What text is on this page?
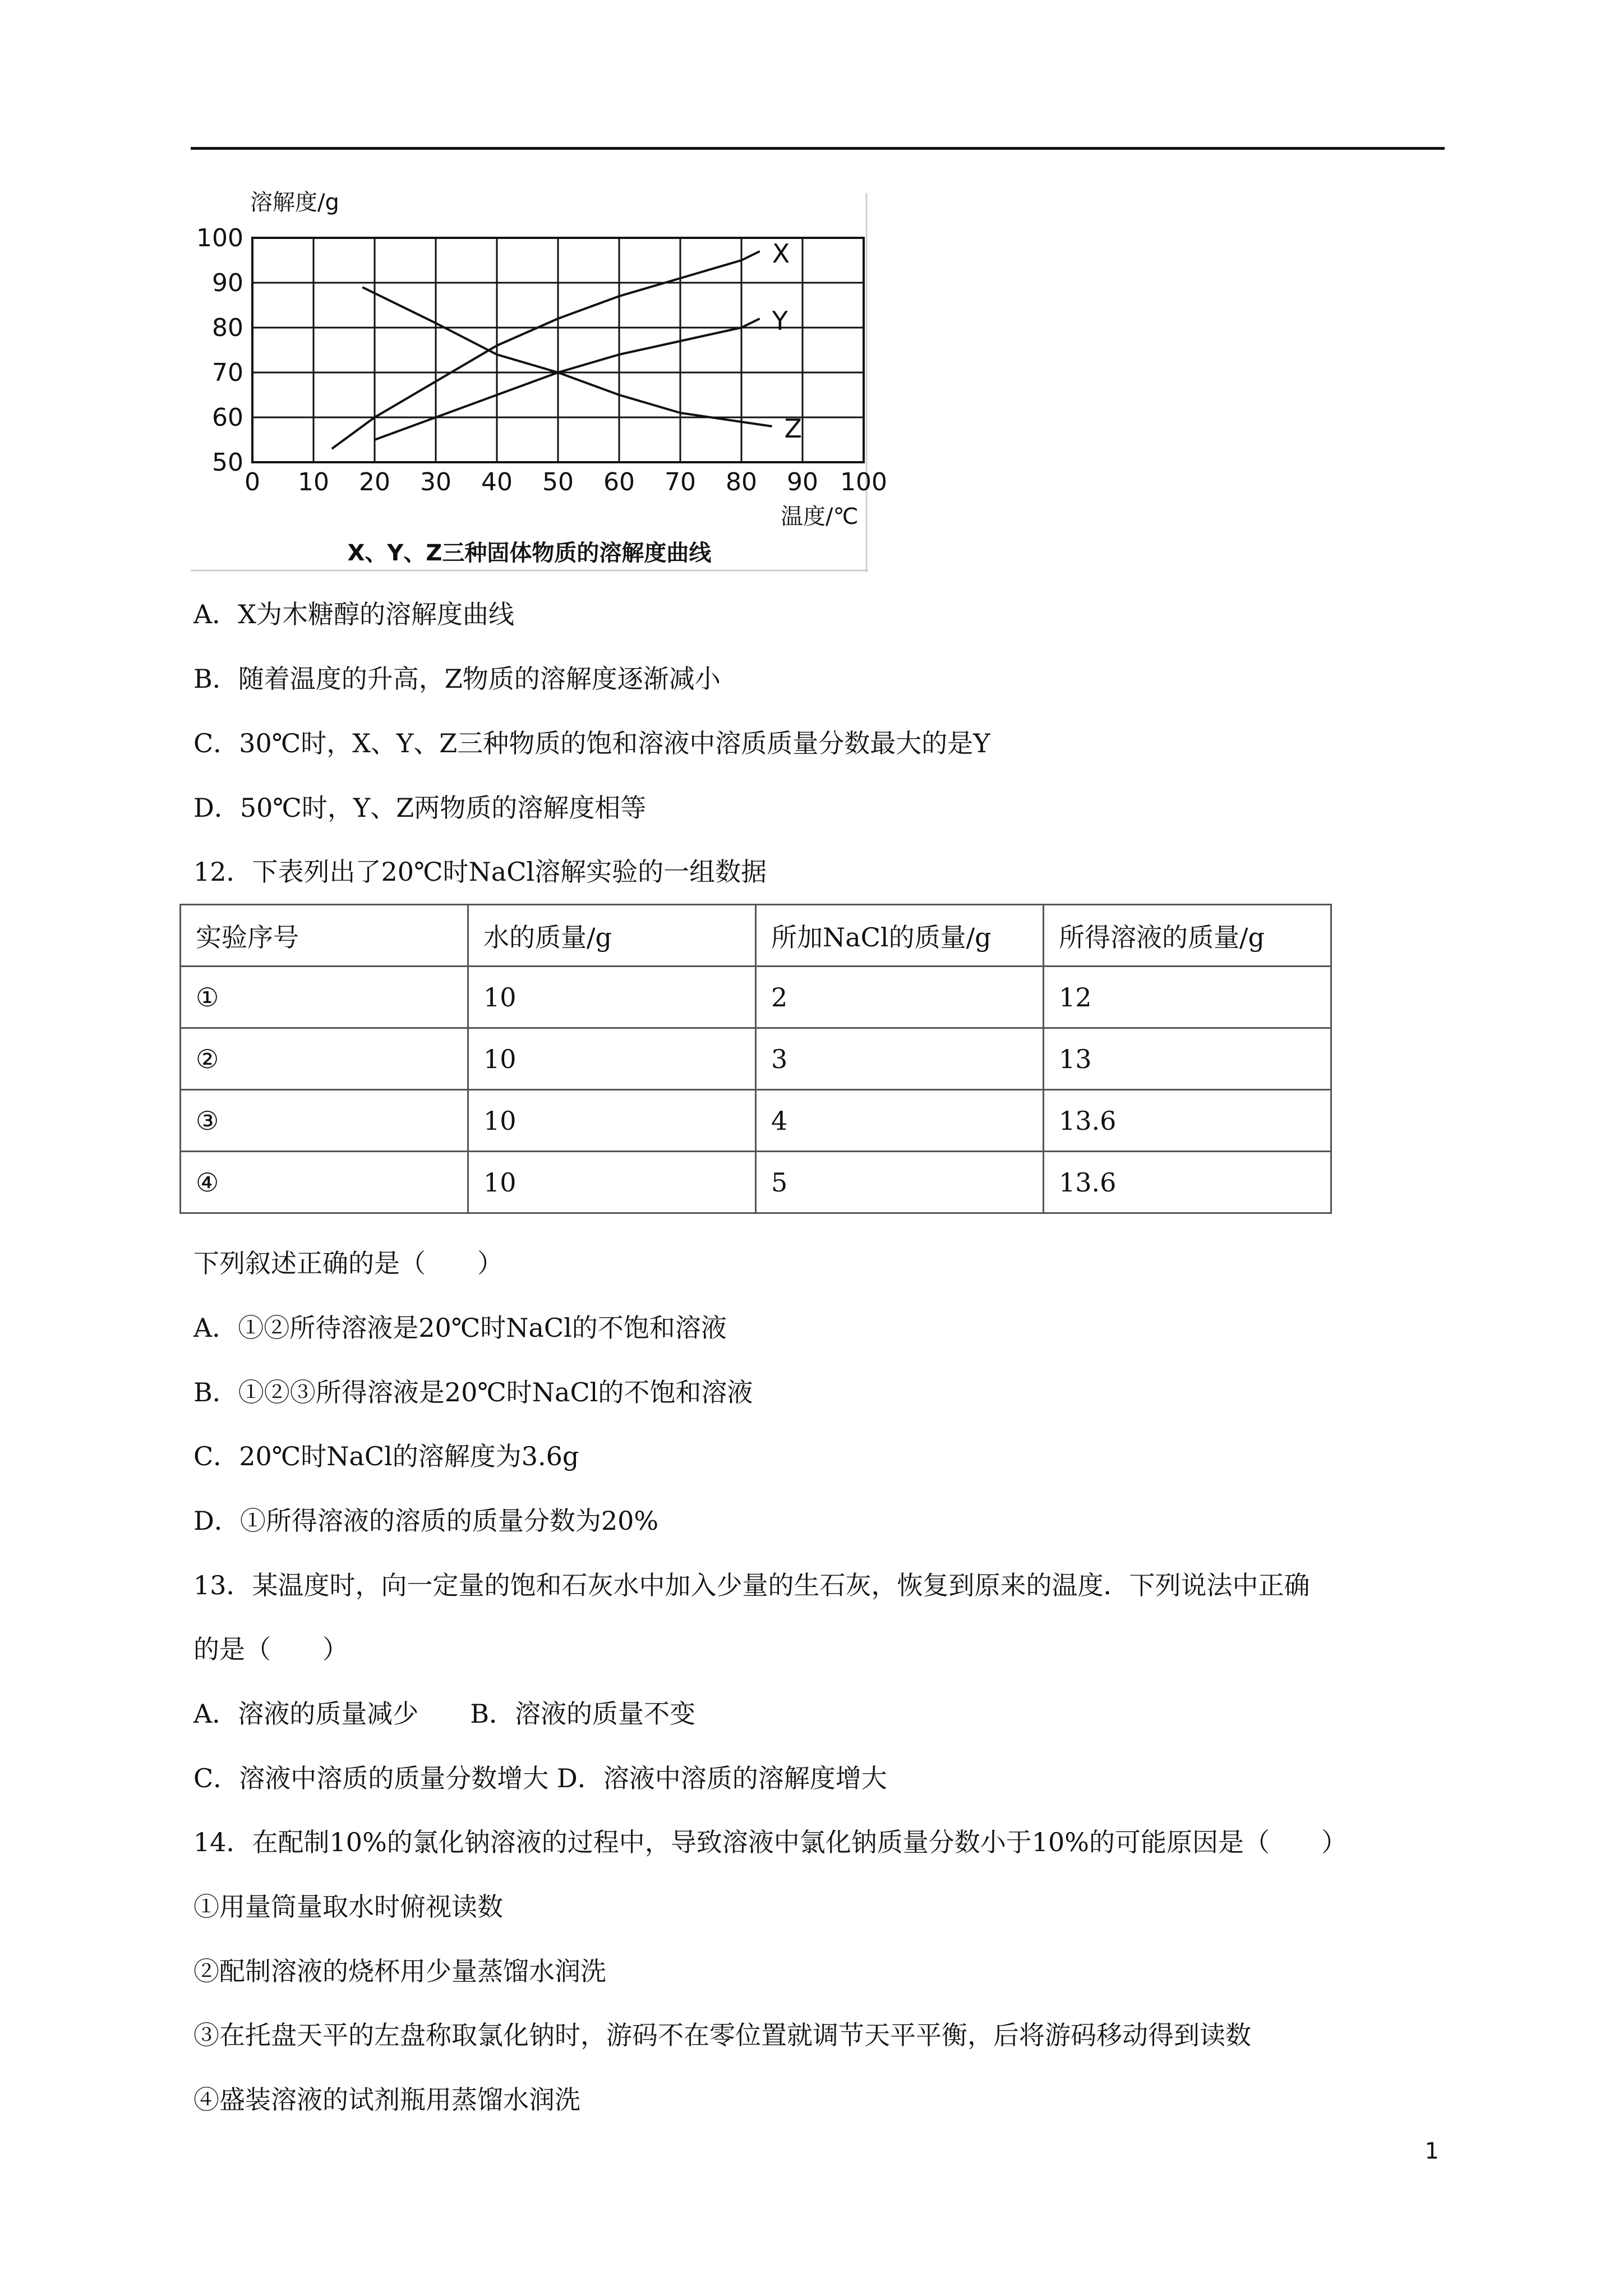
0 10 20 30 40 50 60 70 80 90 100
50
60
70
80
90
100
X
Y
Z
溶解度/g
温度/℃
X、Y、Z三种固体物质的溶解度曲线
A．X为木糖醇的溶解度曲线
B．随着温度的升高，Z物质的溶解度逐渐减小
C．30℃时，X、Y、Z三种物质的饱和溶液中溶质质量分数最大的是Y
D．50℃时，Y、Z两物质的溶解度相等
12．下表列出了20℃时NaCl溶解实验的一组数据
实验序号	水的质量/g	所加NaCl的质量/g	所得溶液的质量/g
①	10	2	12
②	10	3	13
③	10	4	13.6
④	10	5	13.6
下列叙述正确的是（　　）
A．①②所待溶液是20℃时NaCl的不饱和溶液
B．①②③所得溶液是20℃时NaCl的不饱和溶液
C．20℃时NaCl的溶解度为3.6g
D．①所得溶液的溶质的质量分数为20%
13．某温度时，向一定量的饱和石灰水中加入少量的生石灰，恢复到原来的温度．下列说法中正确
的是（　　）
A．溶液的质量减少　　B．溶液的质量不变
C．溶液中溶质的质量分数增大 D．溶液中溶质的溶解度增大
14．在配制10%的氯化钠溶液的过程中，导致溶液中氯化钠质量分数小于10%的可能原因是（　　）
①用量筒量取水时俯视读数
②配制溶液的烧杯用少量蒸馏水润洗
③在托盘天平的左盘称取氯化钠时，游码不在零位置就调节天平平衡，后将游码移动得到读数
④盛装溶液的试剂瓶用蒸馏水润洗
1
